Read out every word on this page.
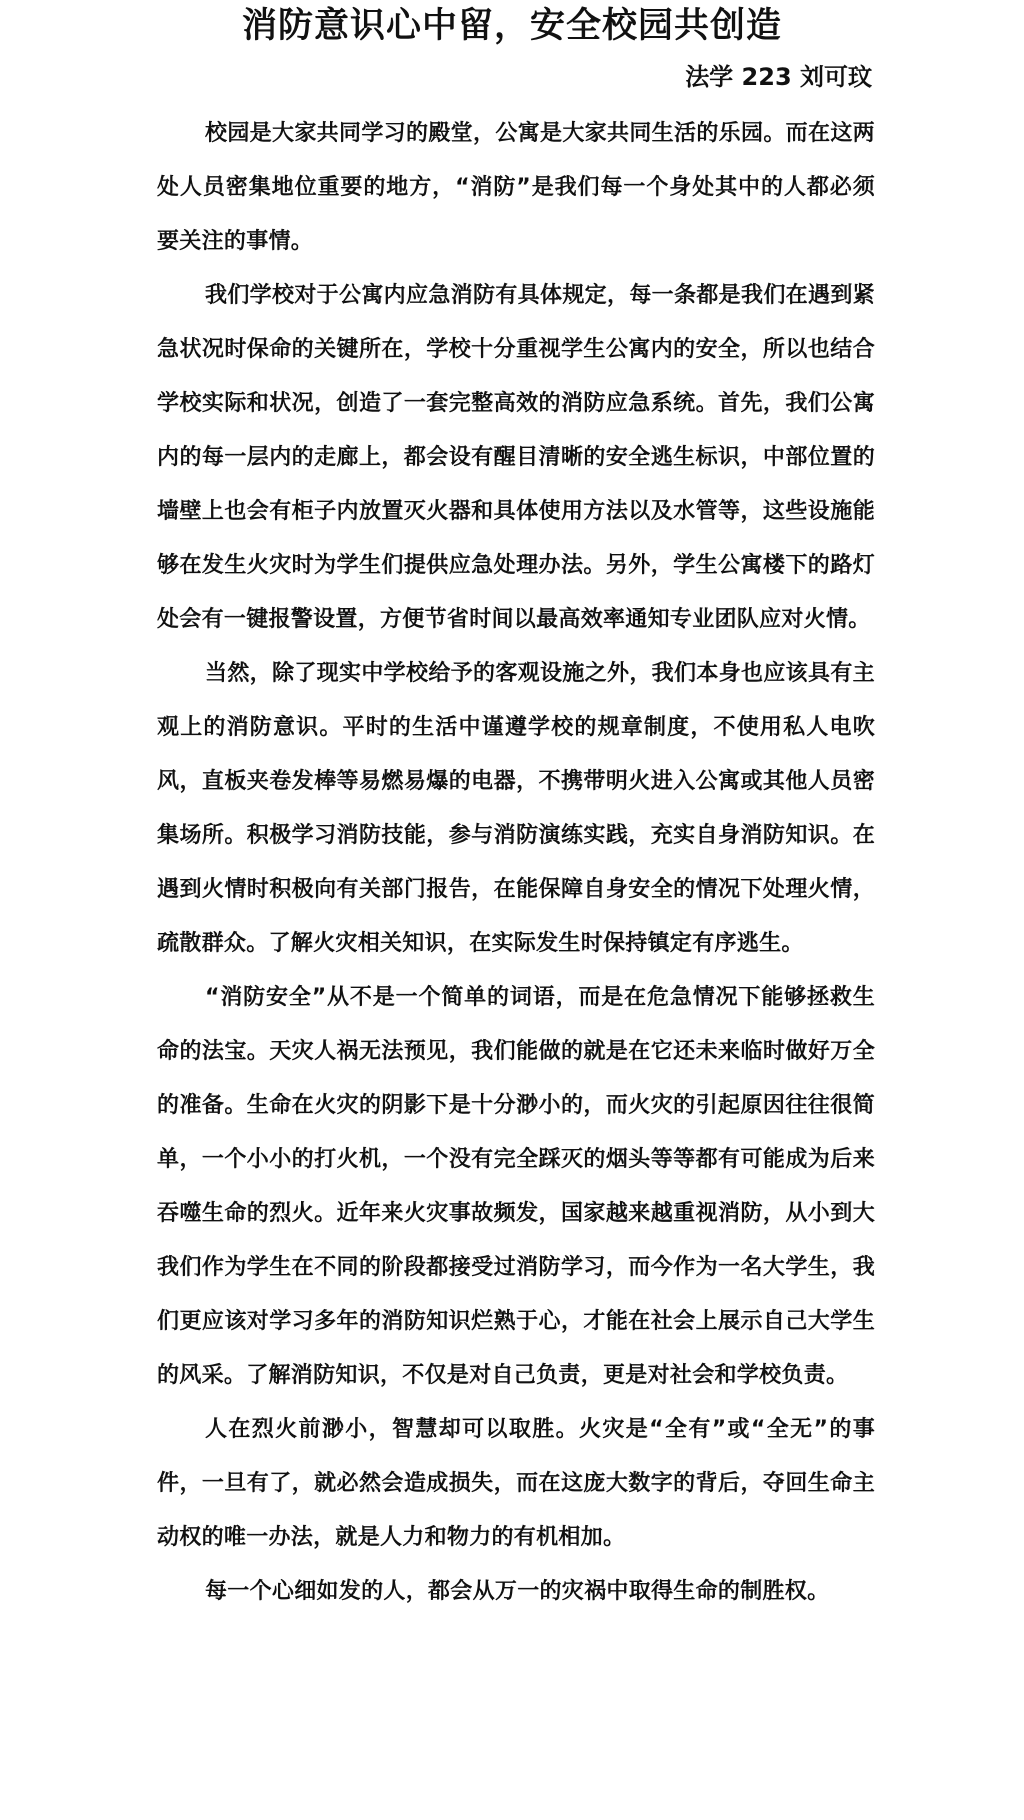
消防意识心中留，安全校园共创造
法学 223 刘可玟

校园是大家共同学习的殿堂，公寓是大家共同生活的乐园。而在这两处人员密集地位重要的地方，“消防”是我们每一个身处其中的人都必须要关注的事情。

我们学校对于公寓内应急消防有具体规定，每一条都是我们在遇到紧急状况时保命的关键所在，学校十分重视学生公寓内的安全，所以也结合学校实际和状况，创造了一套完整高效的消防应急系统。首先，我们公寓内的每一层内的走廊上，都会设有醒目清晰的安全逃生标识，中部位置的墙壁上也会有柜子内放置灭火器和具体使用方法以及水管等，这些设施能够在发生火灾时为学生们提供应急处理办法。另外，学生公寓楼下的路灯处会有一键报警设置，方便节省时间以最高效率通知专业团队应对火情。

当然，除了现实中学校给予的客观设施之外，我们本身也应该具有主观上的消防意识。平时的生活中谨遵学校的规章制度，不使用私人电吹风，直板夹卷发棒等易燃易爆的电器，不携带明火进入公寓或其他人员密集场所。积极学习消防技能，参与消防演练实践，充实自身消防知识。在遇到火情时积极向有关部门报告，在能保障自身安全的情况下处理火情，疏散群众。了解火灾相关知识，在实际发生时保持镇定有序逃生。

“消防安全”从不是一个简单的词语，而是在危急情况下能够拯救生命的法宝。天灾人祸无法预见，我们能做的就是在它还未来临时做好万全的准备。生命在火灾的阴影下是十分渺小的，而火灾的引起原因往往很简单，一个小小的打火机，一个没有完全踩灭的烟头等等都有可能成为后来吞噬生命的烈火。近年来火灾事故频发，国家越来越重视消防，从小到大我们作为学生在不同的阶段都接受过消防学习，而今作为一名大学生，我们更应该对学习多年的消防知识烂熟于心，才能在社会上展示自己大学生的风采。了解消防知识，不仅是对自己负责，更是对社会和学校负责。

人在烈火前渺小，智慧却可以取胜。火灾是“全有”或“全无”的事件，一旦有了，就必然会造成损失，而在这庞大数字的背后，夺回生命主动权的唯一办法，就是人力和物力的有机相加。

每一个心细如发的人，都会从万一的灾祸中取得生命的制胜权。
